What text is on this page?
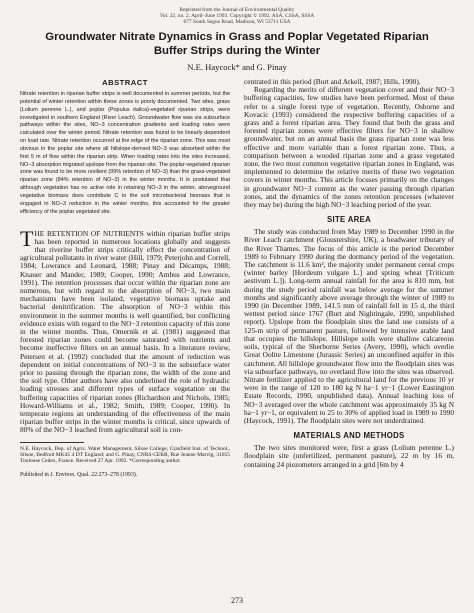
Reprinted from the Journal of Environmental Quality
Vol. 22, no. 2, April–June 1993. Copyright © 1992, ASA, CSSA, SSSA
677 South Segoe Road, Madison, WI 53711 USA
Groundwater Nitrate Dynamics in Grass and Poplar Vegetated Riparian Buffer Strips during the Winter
N.E. Haycock* and G. Pinay
ABSTRACT
Nitrate retention in riparian buffer strips is well documented in summer periods, but the potential of winter retention within these zones is poorly documented. Two sites, grass (Lolium perenne L.), and poplar (Populus italica)-vegetated riparian strips, were investigated in southern England (River Leach). Groundwater flow was via subsurface pathways within the sites, NO−3 concentration gradients and loading rates were calculated over the winter period. Nitrate retention was found to be linearly dependent on load rate. Nitrate retention occurred at the edge of the riparian zone. This was most obvious in the poplar site where all hillslope-derived NO−3 was absorbed within the first 5 m of flow within the riparian strip. When loading rates into the sites increased, NO−3 absorption migrated upslope from the riparian site. The poplar-vegetated riparian zone was found to be more resilient (99% retention of NO−3) than the grass-vegetated riparian zone (84% retention of NO−3) in the winter months. It is postulated that although vegetation has no active role in retaining NO−3 in the winter, aboveground vegetative biomass does contribute C to the soil microbacterial biomass that is engaged in NO−3 reduction in the winter months, this accounted for the greater efficiency of the poplar vegetated site.
THE RETENTION OF NUTRIENTS within riparian buffer strips has been reported in numerous locations globally and suggests that riverine buffer strips critically effect the concentration of agricultural pollutants in river water (Hill, 1979; Peterjohn and Correll, 1984; Lowrance and Leonard, 1988; Pinay and Décamps, 1988; Knauer and Mander, 1989; Cooper, 1990; Ambus and Lowrance, 1991). The retention processes that occur within the riparian zone are numerous, but with regard to the absorption of NO−3, two main mechanisms have been isolated, vegetative biomass uptake and bacterial denitrification. The absorption of NO−3 within this environment in the summer months is well quantified, but conflicting evidence exists with regard to the NO−3 retention capacity of this zone in the winter months. Thus, Omernik et al. (1981) suggested that forested riparian zones could become saturated with nutrients and become ineffective filters on an annual basis. In a literature review, Petersen et al. (1992) concluded that the amount of reduction was dependent on initial concentrations of NO−3 in the subsurface water prior to passing through the riparian zone, the width of the zone and the soil type. Other authors have also underlined the role of hydraulic loading stresses and different types of surface vegetation on the buffering capacities of riparian zones (Richardson and Nichols, 1985; Howard-Williams et al., 1982; Smith, 1989; Cooper, 1990). In temperate regions an understanding of the effectiveness of the main riparian buffer strips in the winter months is critical, since upwards of 80% of the NO−3 leached from agricultural soil is con-
N.E. Haycock, Dep. of Agric. Water Management, Silsoe College, Cranfield Inst. of Technol., Silsoe, Bedford MK45 4 DT England; and G. Pinay, CNRS-CERR, Rue Jeanne Marvig, 31055 Toulouse Cedex, France. Received 27 Apr. 1992. *Corresponding author.
Published in J. Environ. Qual. 22:273–278 (1993).
centrated in this period (Burt and Arkell, 1987; Hills, 1990).
Regarding the merits of different vegetation cover and their NO−3 buffering capacities, few studies have been performed. Most of these refer to a single forest type of vegetation. Recently, Osborne and Kovacic (1993) considered the respective buffering capacities of a grass and a forest riparian area. They found that both the grass and forested riparian zones were effective filters for NO−3 in shallow groundwater, but on an annual basis the grass riparian zone was less effective and more variable than a forest riparian zone. Thus, a comparison between a wooded riparian zone and a grass vegetated zone, the two most common vegetative riparian zones in England, was implemented to determine the relative merits of these two vegetation covers in winter months. This article focuses primarily on the changes in groundwater NO−3 content as the water passing through riparian zones, and the dynamics of the zones retention processes (whatever they may be) during the high NO−3 leaching period of the year.
SITE AREA
The study was conducted from May 1989 to December 1990 in the River Leach catchment (Gloustershire, UK), a headwater tributary of the River Thames. The focus of this article is the period December 1989 to February 1990 during the dormancy period of the vegetation. The catchment is 11.6 km², the majority under permanent cereal crops (winter barley [Hordeum vulgare L.] and spring wheat [Triticum aestivum L.]). Long-term annual rainfall for the area is 810 mm, but during the study period rainfall was below average for the summer months and significantly above average through the winter of 1989 to 1990 (in December 1989, 141.5 mm of rainfall fell in 15 d, the third wettest period since 1767 (Burt and Nightingale, 1990, unpublished report). Upslope from the floodplain sites the land use consists of a 125-m strip of permanent pasture, followed by intensive arable land that occupies the hillslope. Hillslope soils were shallow calcareous soils, typical of the Sherborne Series (Avery, 1990), which overlie Great Oolite Limestone (Jurassic Series) an unconfined aquifer in this catchment. All hillslope groundwater flow into the floodplain sites was via subsurface pathways, no overland flow into the sites was observed. Nitrate fertilizer applied to the agricultural land for the previous 10 yr were in the range of 120 to 180 kg N ha−1 yr−1 (Lower Eastington Estate Records, 1990, unpublished data). Annual leaching loss of NO−3 averaged over the whole catchment was approximately 35 kg N ha−1 yr−1, or equivalent to 25 to 30% of applied load in 1989 to 1990 (Haycock, 1991). The floodplain sites were not underdrained.
MATERIALS AND METHODS
The two sites monitored were, first a grass (Lolium perenne L.) floodplain site (unfertilized, permanent pasture), 22 m by 16 m, containing 24 piezometers arranged in a grid [6m by 4
273
